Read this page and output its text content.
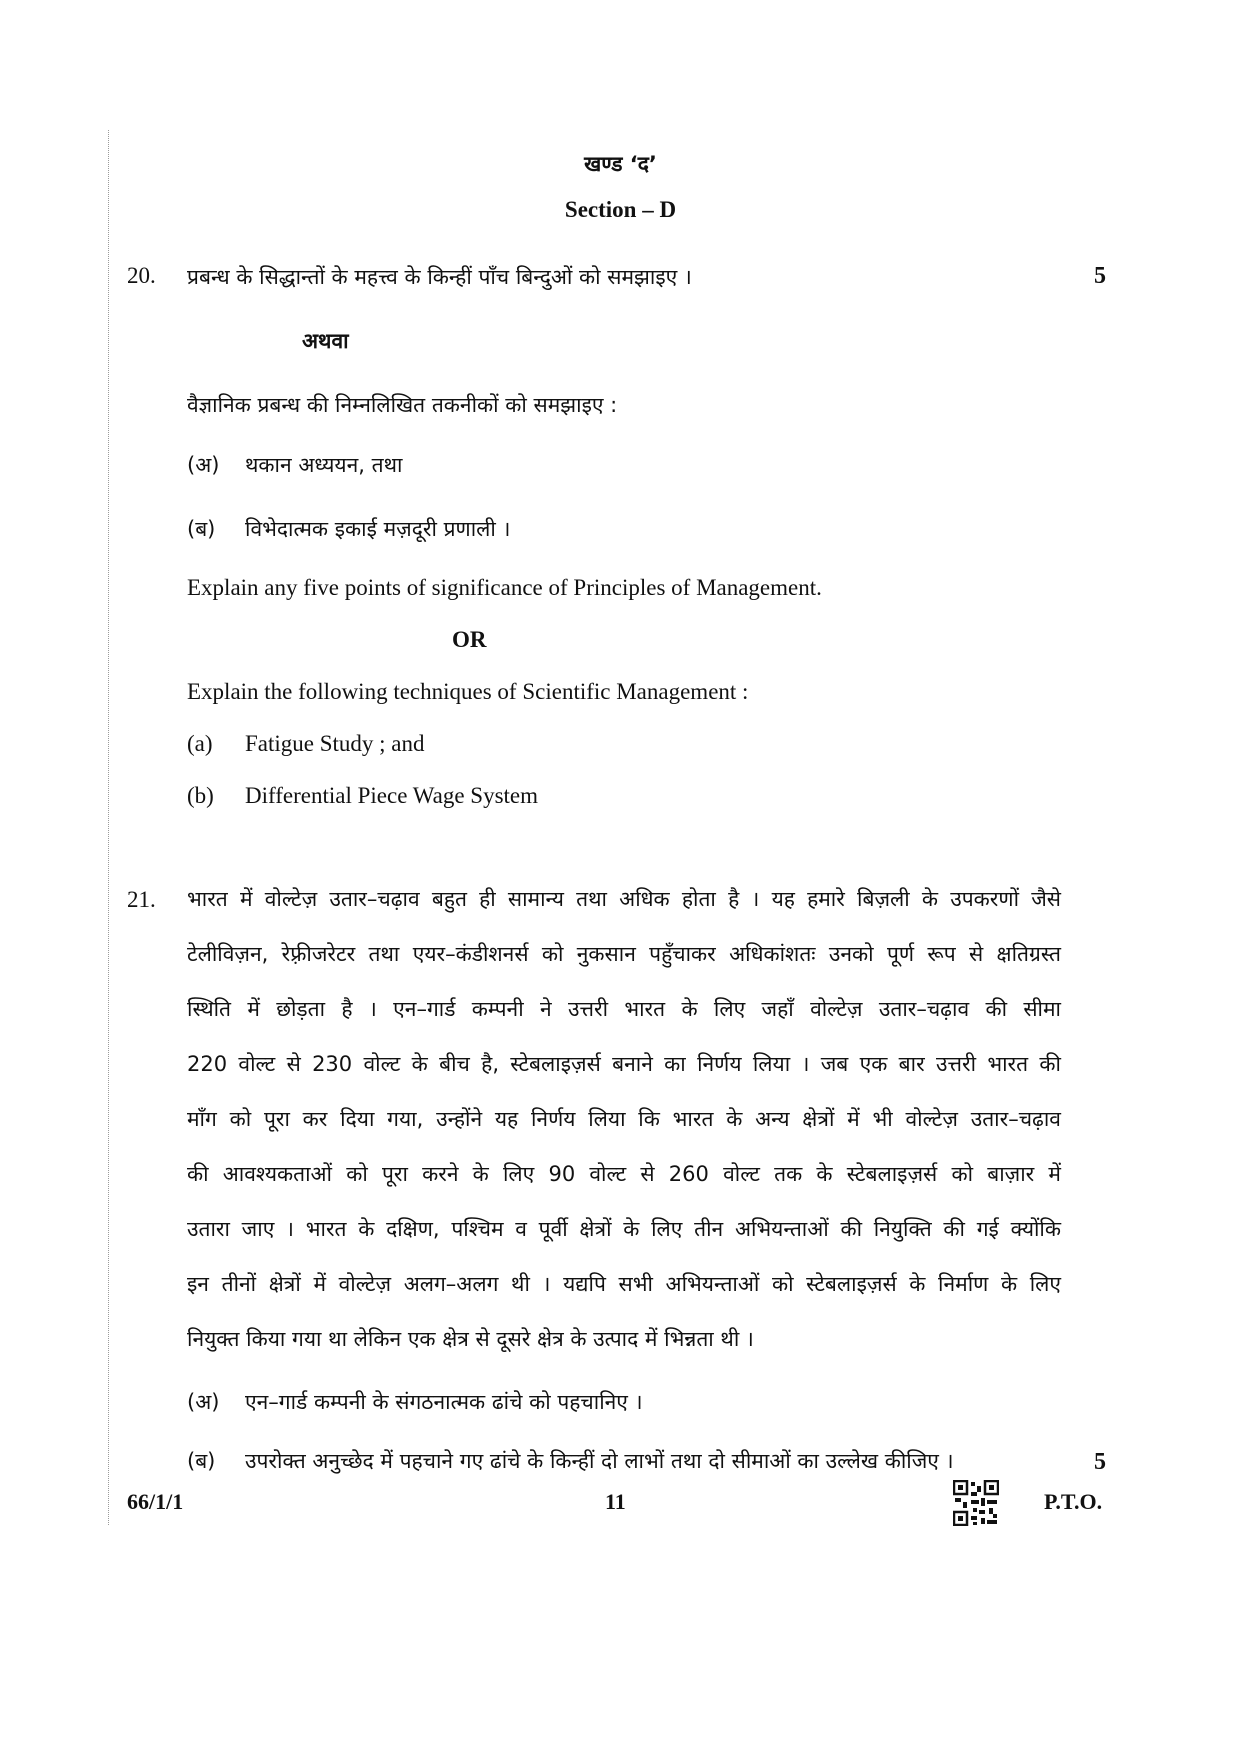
खण्ड ‘द’
Section – D
20. प्रबन्ध के सिद्धान्तों के महत्त्व के किन्हीं पाँच बिन्दुओं को समझाइए ।	5
अथवा
वैज्ञानिक प्रबन्ध की निम्नलिखित तकनीकों को समझाइए :
(अ) थकान अध्ययन, तथा
(ब) विभेदात्मक इकाई मज़दूरी प्रणाली ।
Explain any five points of significance of Principles of Management.
OR
Explain the following techniques of Scientific Management :
(a) Fatigue Study ; and
(b) Differential Piece Wage System
21. भारत में वोल्टेज़ उतार–चढ़ाव बहुत ही सामान्य तथा अधिक होता है । यह हमारे बिज़ली के उपकरणों जैसे
टेलीविज़न, रेफ़्रीजरेटर तथा एयर–कंडीशनर्स को नुकसान पहुँचाकर अधिकांशतः उनको पूर्ण रूप से क्षतिग्रस्त
स्थिति में छोड़ता है । एन–गार्ड कम्पनी ने उत्तरी भारत के लिए जहाँ वोल्टेज़ उतार–चढ़ाव की सीमा
220 वोल्ट से 230 वोल्ट के बीच है, स्टेबलाइज़र्स बनाने का निर्णय लिया । जब एक बार उत्तरी भारत की
माँग को पूरा कर दिया गया, उन्होंने यह निर्णय लिया कि भारत के अन्य क्षेत्रों में भी वोल्टेज़ उतार–चढ़ाव
की आवश्यकताओं को पूरा करने के लिए 90 वोल्ट से 260 वोल्ट तक के स्टेबलाइज़र्स को बाज़ार में
उतारा जाए । भारत के दक्षिण, पश्चिम व पूर्वी क्षेत्रों के लिए तीन अभियन्ताओं की नियुक्ति की गई क्योंकि
इन तीनों क्षेत्रों में वोल्टेज़ अलग–अलग थी । यद्यपि सभी अभियन्ताओं को स्टेबलाइज़र्स के निर्माण के लिए
नियुक्त किया गया था लेकिन एक क्षेत्र से दूसरे क्षेत्र के उत्पाद में भिन्नता थी ।
(अ) एन–गार्ड कम्पनी के संगठनात्मक ढांचे को पहचानिए ।
(ब) उपरोक्त अनुच्छेद में पहचाने गए ढांचे के किन्हीं दो लाभों तथा दो सीमाओं का उल्लेख कीजिए ।	5
66/1/1	11	P.T.O.
